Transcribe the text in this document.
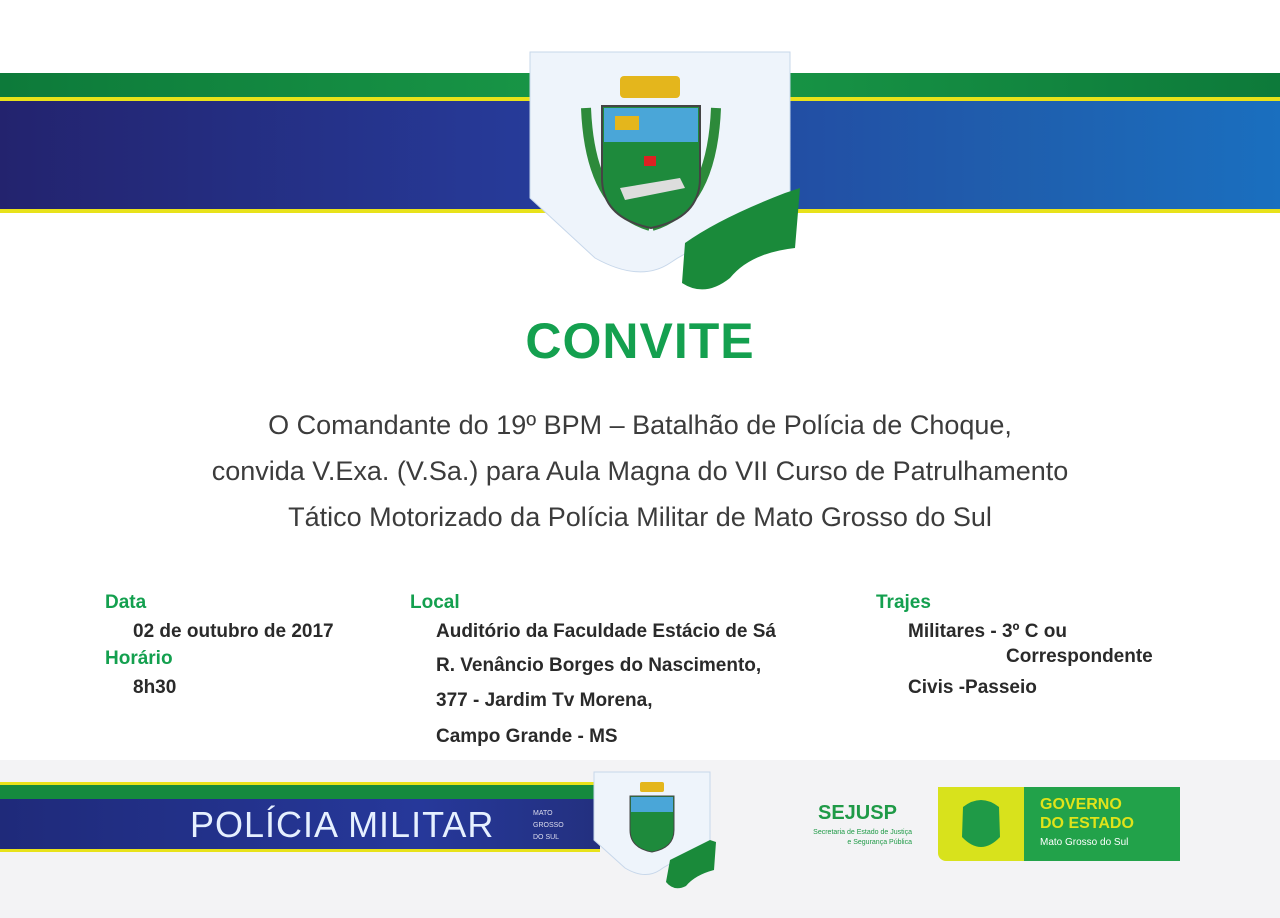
CONVITE
O Comandante do 19º BPM – Batalhão de Polícia de Choque,
convida V.Exa. (V.Sa.) para Aula Magna do VII Curso de Patrulhamento
Tático Motorizado da Polícia Militar de Mato Grosso do Sul
Data
02 de outubro de 2017
Horário
8h30
Local
Auditório da Faculdade Estácio de Sá
R. Venâncio Borges do Nascimento,
377 - Jardim Tv Morena,
Campo Grande - MS
Trajes
Militares - 3º C ou
Correspondente
Civis -Passeio
POLÍCIA MILITAR	MATO
GROSSO
DO SUL
SEJUSP
Secretaria de Estado de Justiça
e Segurança Pública
GOVERNO
DO ESTADO
Mato Grosso do Sul
